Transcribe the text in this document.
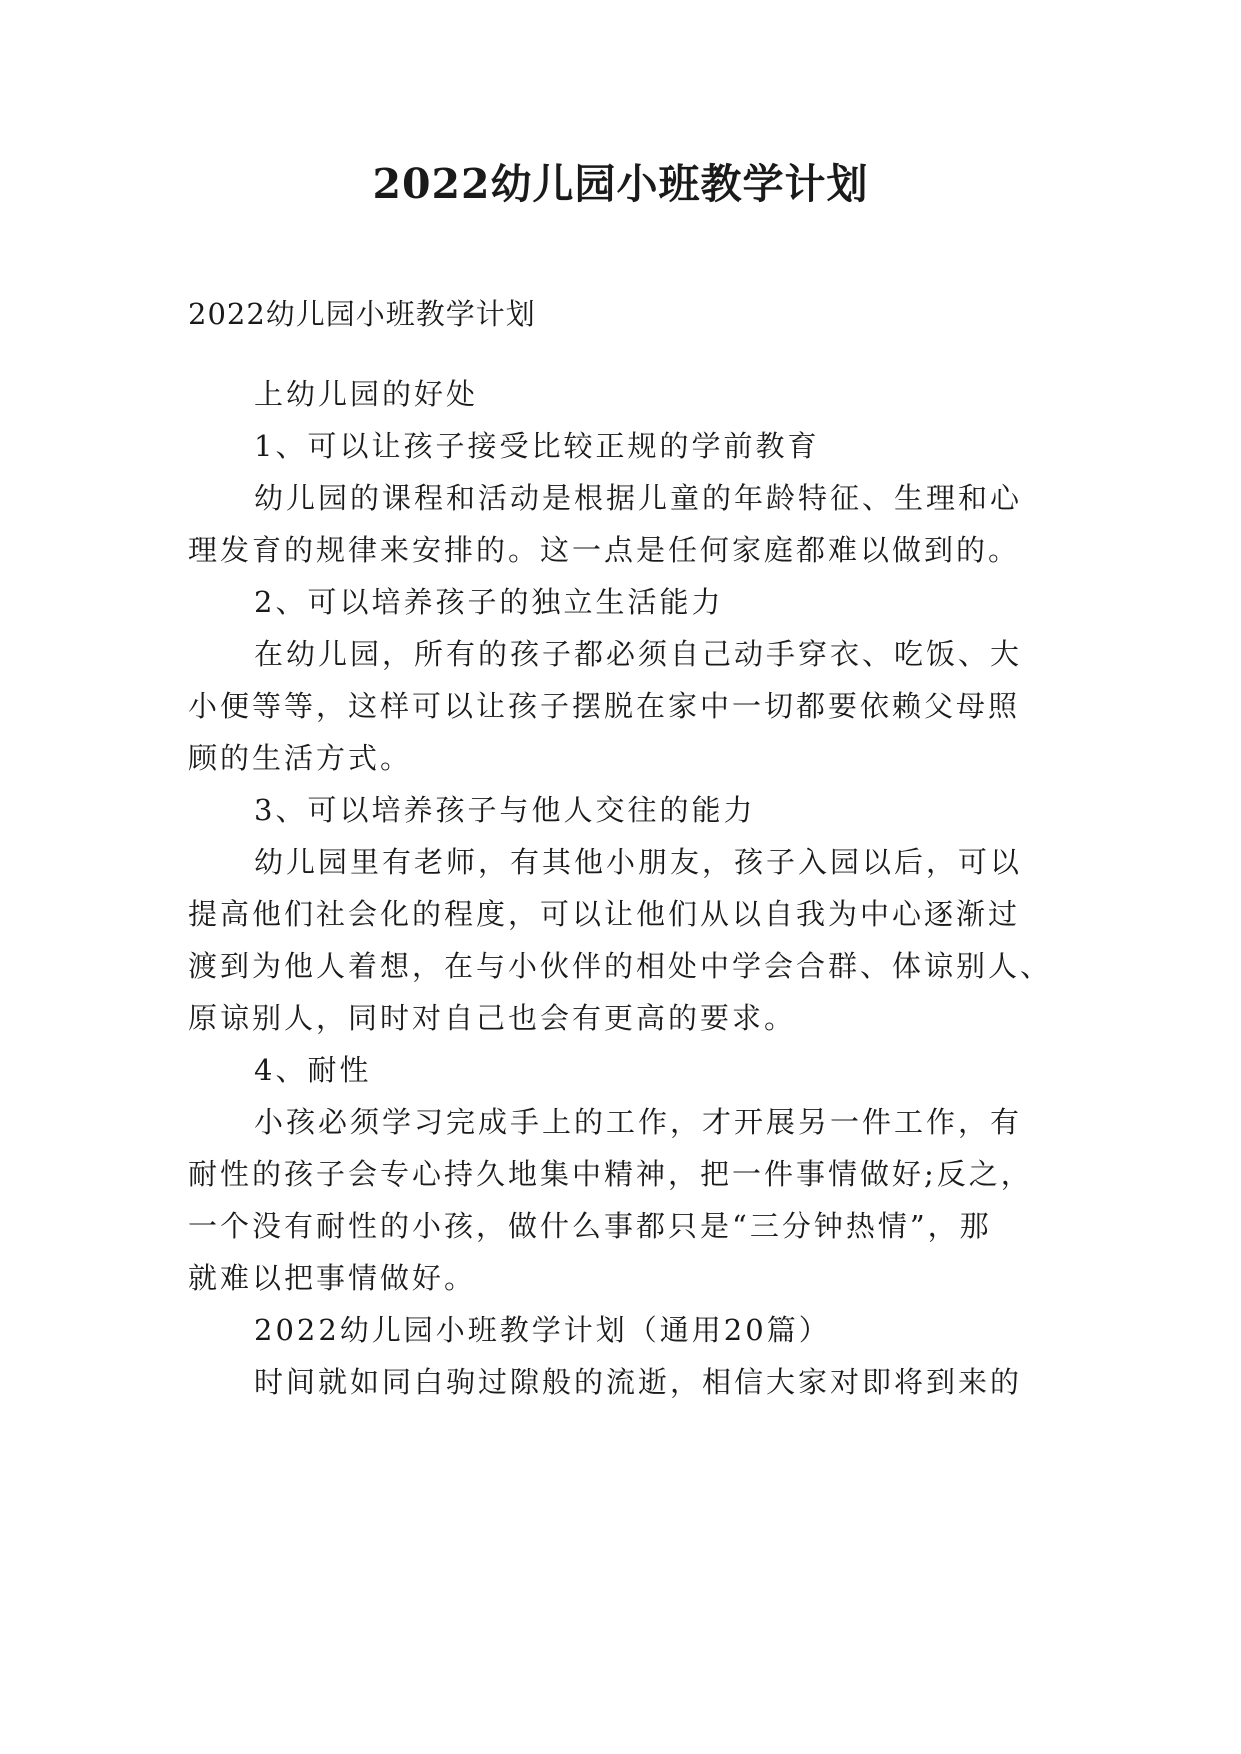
2022幼儿园小班教学计划
2022幼儿园小班教学计划
上幼儿园的好处
1、可以让孩子接受比较正规的学前教育
幼儿园的课程和活动是根据儿童的年龄特征、生理和心
理发育的规律来安排的。这一点是任何家庭都难以做到的。
2、可以培养孩子的独立生活能力
在幼儿园，所有的孩子都必须自己动手穿衣、吃饭、大
小便等等，这样可以让孩子摆脱在家中一切都要依赖父母照
顾的生活方式。
3、可以培养孩子与他人交往的能力
幼儿园里有老师，有其他小朋友，孩子入园以后，可以
提高他们社会化的程度，可以让他们从以自我为中心逐渐过
渡到为他人着想，在与小伙伴的相处中学会合群、体谅别人、
原谅别人，同时对自己也会有更高的要求。
4、耐性
小孩必须学习完成手上的工作，才开展另一件工作，有
耐性的孩子会专心持久地集中精神，把一件事情做好;反之，
一个没有耐性的小孩，做什么事都只是“三分钟热情”，那
就难以把事情做好。
2022幼儿园小班教学计划（通用20篇）
时间就如同白驹过隙般的流逝，相信大家对即将到来的
